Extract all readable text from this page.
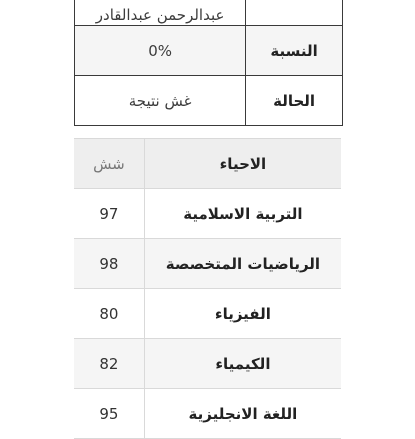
	عبدالرحمن عبدالقادر
النسبة	0%
الحالة	غش نتيجة
الاحياء	شش
التربية الاسلامية	97
الرياضيات المتخصصة	98
الفيزياء	80
الكيمياء	82
اللغة الانجليزية	95
